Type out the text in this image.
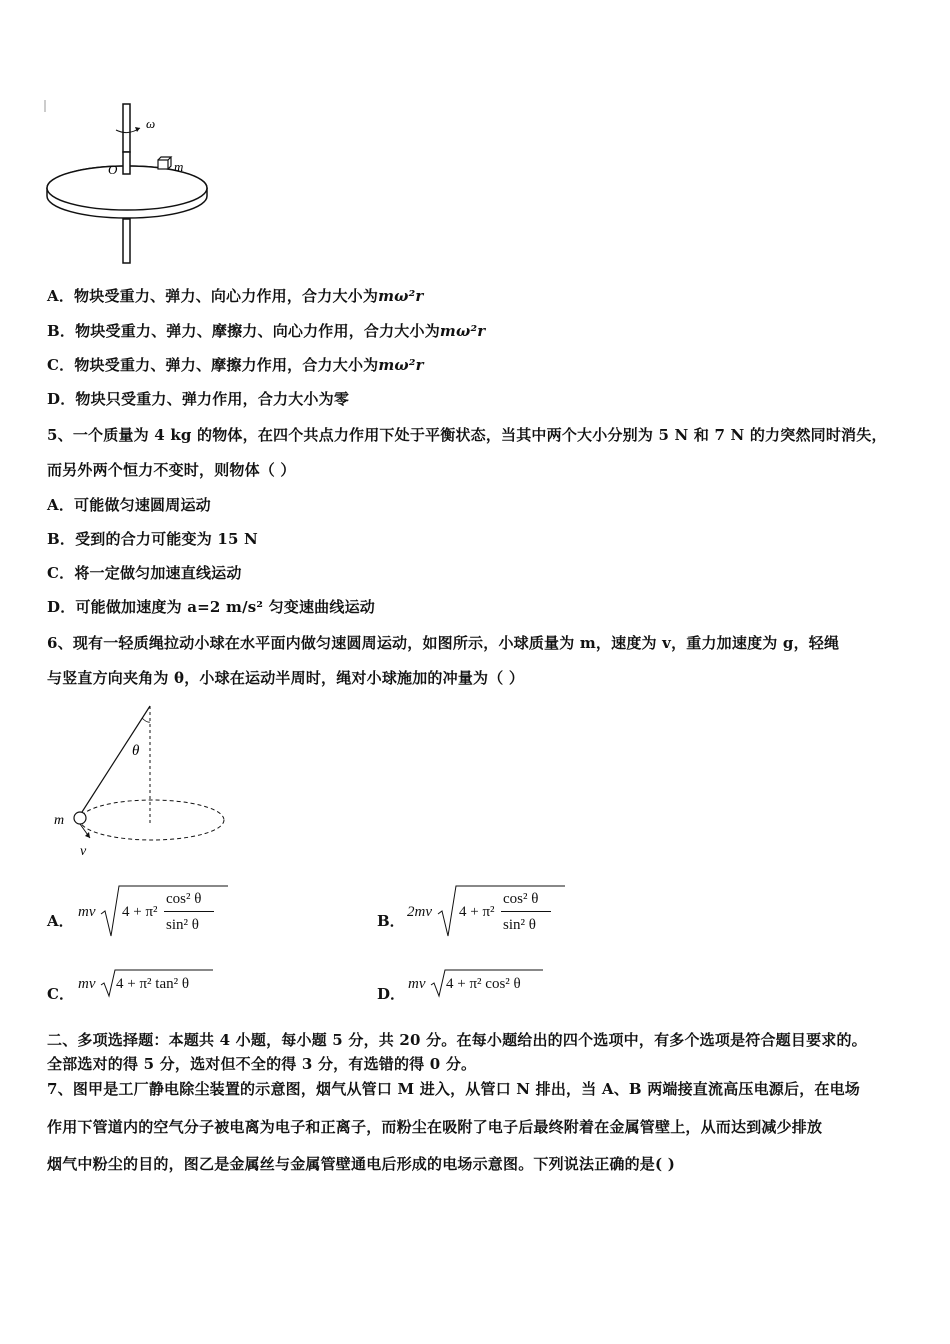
ω
O	m
A．物块受重力、弹力、向心力作用，合力大小为mω²r
B．物块受重力、弹力、摩擦力、向心力作用，合力大小为mω²r
C．物块受重力、弹力、摩擦力作用，合力大小为mω²r
D．物块只受重力、弹力作用，合力大小为零
5、一个质量为 4 kg 的物体，在四个共点力作用下处于平衡状态，当其中两个大小分别为 5 N 和 7 N 的力突然同时消失，
而另外两个恒力不变时，则物体（ ）
A．可能做匀速圆周运动
B．受到的合力可能变为 15 N
C．将一定做匀加速直线运动
D．可能做加速度为 a=2 m/s² 匀变速曲线运动
6、现有一轻质绳拉动小球在水平面内做匀速圆周运动，如图所示，小球质量为 m，速度为 v，重力加速度为 g，轻绳
与竖直方向夹角为 θ，小球在运动半周时，绳对小球施加的冲量为（ ）
θ
m
v
A． mv 4 + π²
cos² θ
sin² θ	B． 2mv 4 + π²
cos² θ
sin² θ
C．
mv 4 + π² tan² θ
D．
mv 4 + π² cos² θ
二、多项选择题：本题共 4 小题，每小题 5 分，共 20 分。在每小题给出的四个选项中，有多个选项是符合题目要求的。
全部选对的得 5 分，选对但不全的得 3 分，有选错的得 0 分。
7、图甲是工厂静电除尘装置的示意图，烟气从管口 M 进入，从管口 N 排出，当 A、B 两端接直流高压电源后，在电场
作用下管道内的空气分子被电离为电子和正离子，而粉尘在吸附了电子后最终附着在金属管壁上，从而达到减少排放
烟气中粉尘的目的，图乙是金属丝与金属管壁通电后形成的电场示意图。下列说法正确的是( )
